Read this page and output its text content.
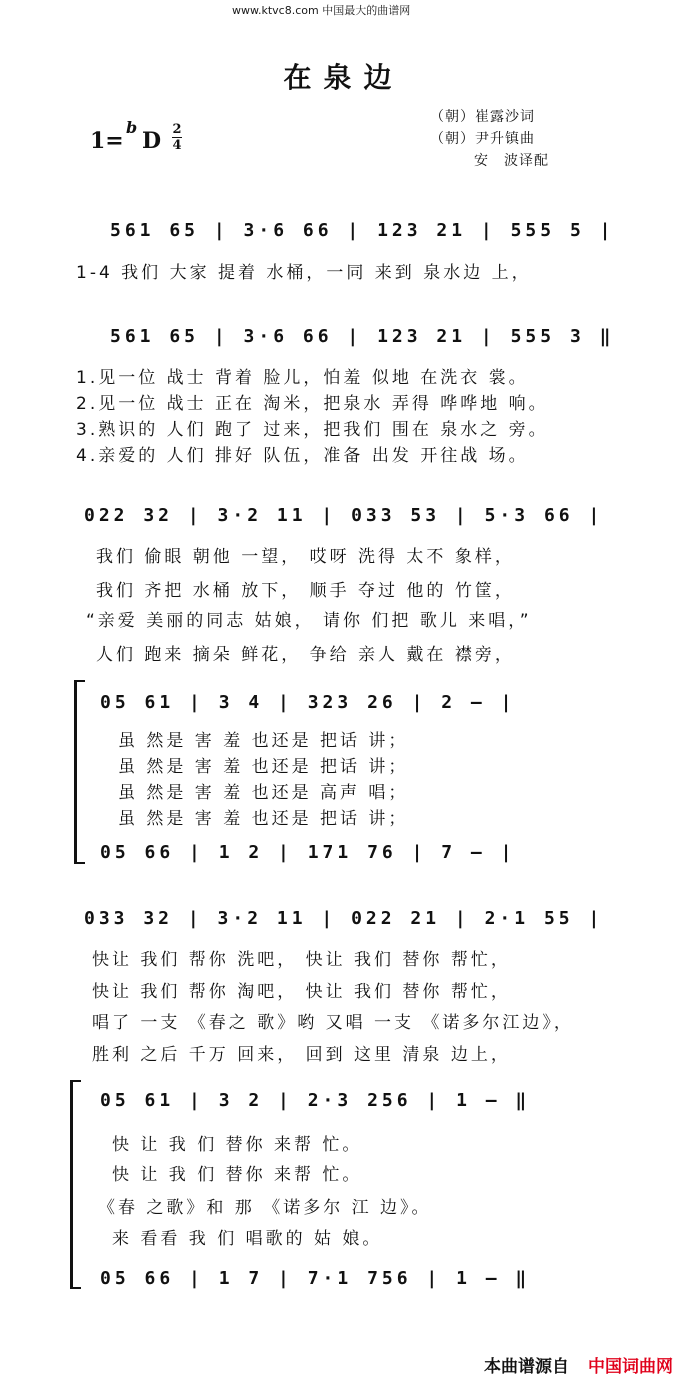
www.ktvc8.com 中国最大的曲谱网
在泉边
1=
b
D 2
4
（朝）崔露沙词
（朝）尹升镇曲
安　波译配
561 65 | 3·6 66 | 123 21 | 555 5 |
1-4 我们 大家 提着 水桶，一同 来到 泉水边 上，
561 65 | 3·6 66 | 123 21 | 555 3 ‖
1.见一位 战士 背着 脸儿，怕羞 似地 在洗衣 裳。
2.见一位 战士 正在 淘米，把泉水 弄得 哗哗地 响。
3.熟识的 人们 跑了 过来，把我们 围在 泉水之 旁。
4.亲爱的 人们 排好 队伍，准备 出发 开往战 场。
022 32 | 3·2 11 | 033 53 | 5·3 66 |
我们 偷眼 朝他 一望， 哎呀 洗得 太不 象样，
我们 齐把 水桶 放下， 顺手 夺过 他的 竹筐，
“亲爱 美丽的同志 姑娘， 请你 们把 歌儿 来唱，”
人们 跑来 摘朵 鲜花， 争给 亲人 戴在 襟旁，
05 61 | 3 4 | 323 26 | 2 — |
虽 然是 害 羞 也还是 把话 讲；
虽 然是 害 羞 也还是 把话 讲；
虽 然是 害 羞 也还是 高声 唱；
虽 然是 害 羞 也还是 把话 讲；
05 66 | 1 2 | 171 76 | 7 — |
033 32 | 3·2 11 | 022 21 | 2·1 55 |
快让 我们 帮你 洗吧， 快让 我们 替你 帮忙，
快让 我们 帮你 淘吧， 快让 我们 替你 帮忙，
唱了 一支 《春之 歌》哟 又唱 一支 《诺多尔江边》，
胜利 之后 千万 回来， 回到 这里 清泉 边上，
05 61 | 3 2 | 2·3 256 | 1 — ‖
快 让 我 们 替你 来帮 忙。
快 让 我 们 替你 来帮 忙。
《春 之歌》和 那 《诺多尔 江 边》。
来 看看 我 们 唱歌的 姑 娘。
05 66 | 1 7 | 7·1 756 | 1 — ‖
本曲谱源自 中国词曲网
